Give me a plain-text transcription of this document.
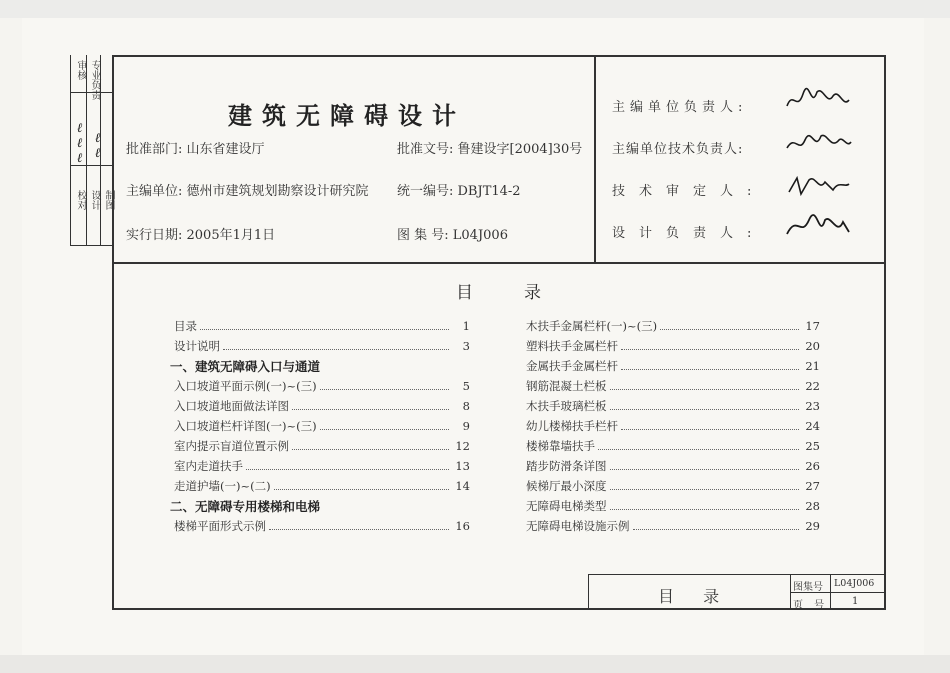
专业负责
审核
ℓℓℓ ℓℓ
校对 设计 制图
建筑无障碍设计
批准部门: 山东省建设厅	批准文号: 鲁建设字[2004]30号
主编单位: 德州市建筑规划勘察设计研究院 统一编号: DBJT14-2
实行日期: 2005年1月1日	图 集 号: L04J006
主编单位负责人:
主编单位技术负责人:
技术审定人:
设计负责人:
目	录
目录	1
设计说明	3
一、建筑无障碍入口与通道
入口坡道平面示例(一)~(三)	5
入口坡道地面做法详图	8
入口坡道栏杆详图(一)~(三)	9
室内提示盲道位置示例	12
室内走道扶手	13
走道护墙(一)~(二)	14
二、无障碍专用楼梯和电梯
楼梯平面形式示例	16
木扶手金属栏杆(一)~(三)	17
塑料扶手金属栏杆	20
金属扶手金属栏杆	21
钢筋混凝土栏板	22
木扶手玻璃栏板	23
幼儿楼梯扶手栏杆	24
楼梯靠墙扶手	25
踏步防滑条详图	26
候梯厅最小深度	27
无障碍电梯类型	28
无障碍电梯设施示例	29
目 录	图集号 L04J006
页 号 1
